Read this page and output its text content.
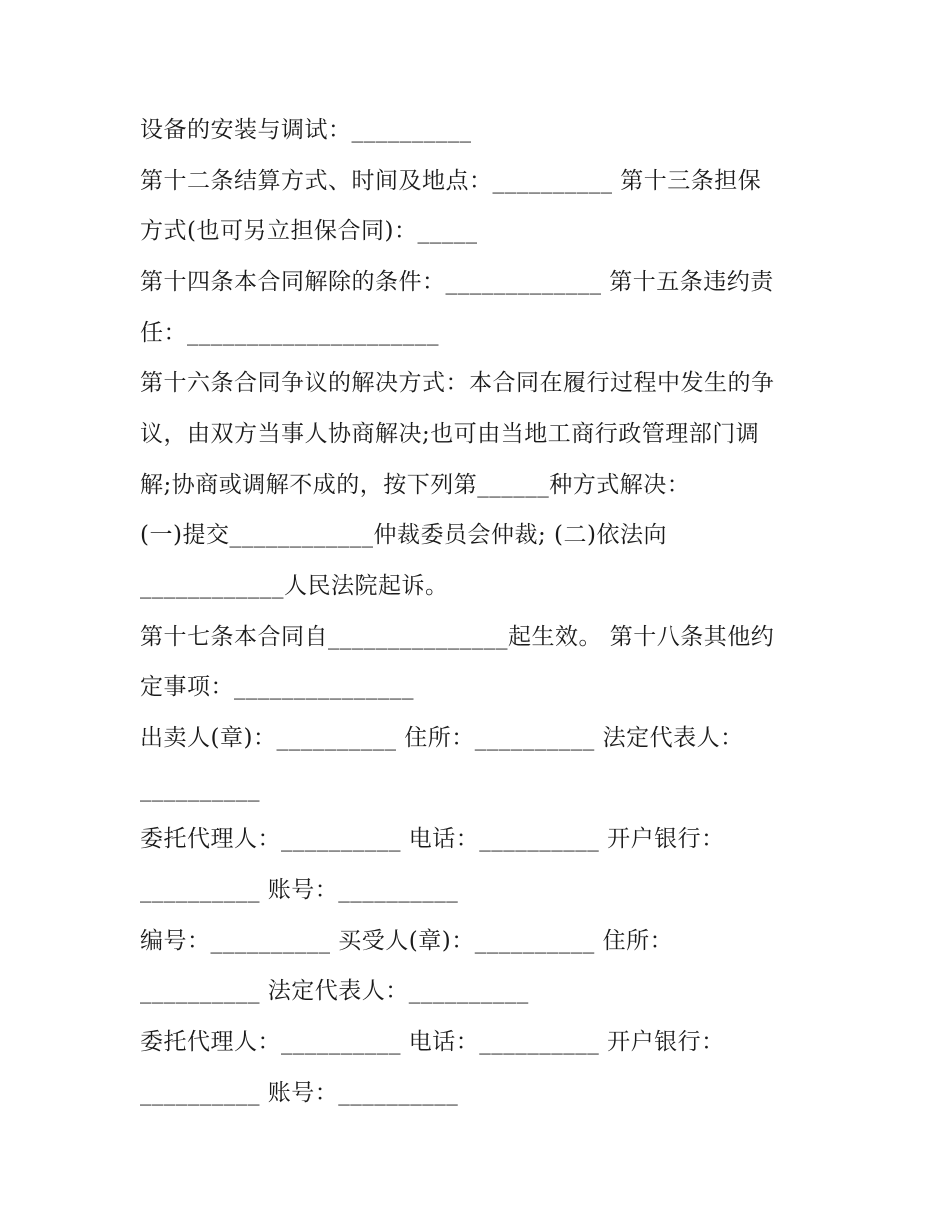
设备的安装与调试：__________
第十二条结算方式、时间及地点：__________ 第十三条担保
方式(也可另立担保合同)：_____
第十四条本合同解除的条件：_____________ 第十五条违约责
任：_____________________
第十六条合同争议的解决方式：本合同在履行过程中发生的争
议，由双方当事人协商解决;也可由当地工商行政管理部门调
解;协商或调解不成的，按下列第______种方式解决：
(一)提交____________仲裁委员会仲裁; (二)依法向
____________人民法院起诉。
第十七条本合同自_______________起生效。 第十八条其他约
定事项：_______________
出卖人(章)：__________ 住所：__________ 法定代表人：
__________
委托代理人：__________ 电话：__________ 开户银行：
__________ 账号：__________
编号：__________ 买受人(章)：__________ 住所：
__________ 法定代表人：__________
委托代理人：__________ 电话：__________ 开户银行：
__________ 账号：__________
